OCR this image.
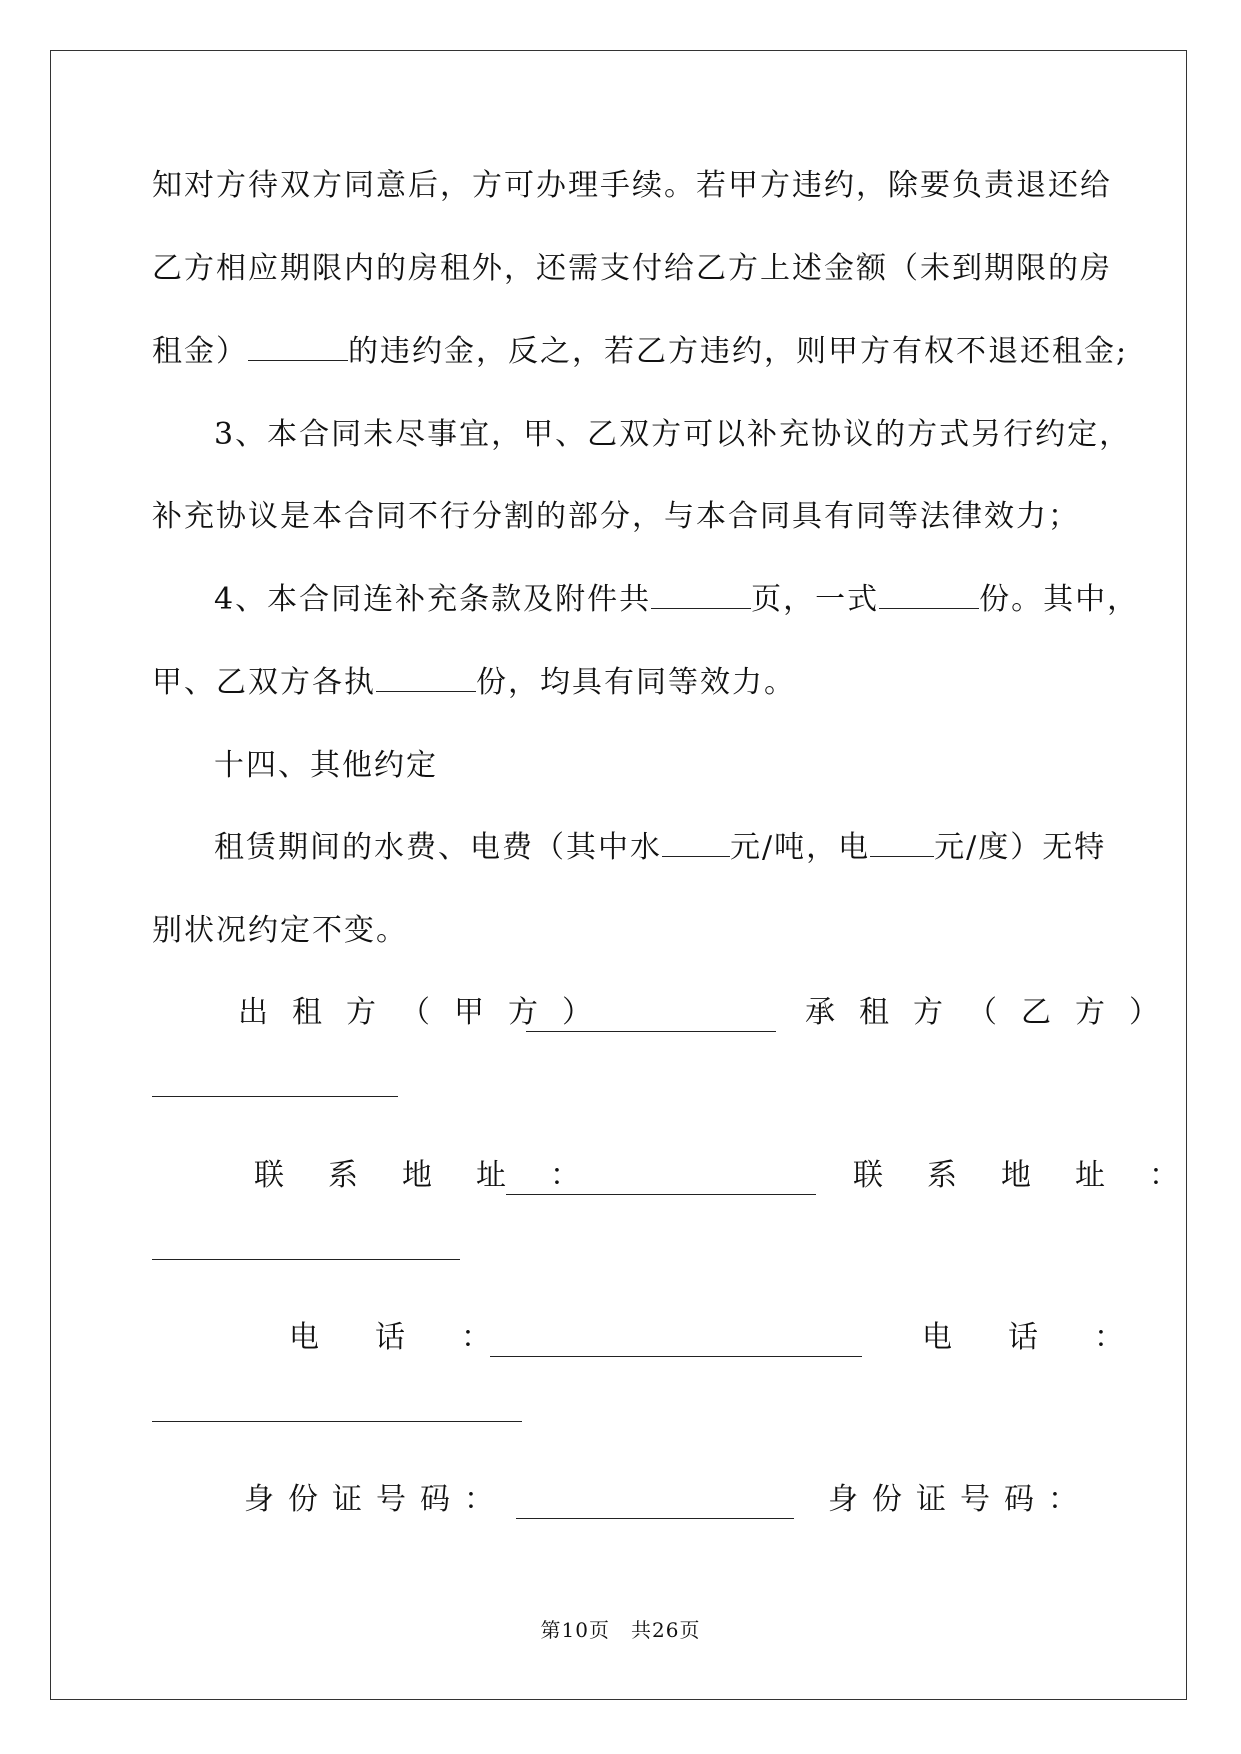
知对方待双方同意后，方可办理手续。若甲方违约，除要负责退还给
乙方相应期限内的房租外，还需支付给乙方上述金额（未到期限的房
租金）	的违约金，反之，若乙方违约，则甲方有权不退还租金;
3、本合同未尽事宜，甲、乙双方可以补充协议的方式另行约定，
补充协议是本合同不行分割的部分，与本合同具有同等法律效力；
4、本合同连补充条款及附件共	页，一式	份。其中，
甲、乙双方各执	份，均具有同等效力。
十四、其他约定
租赁期间的水费、电费（其中水 元/吨，电 元/度）无特
别状况约定不变。
出租方（甲方）	承租方（乙方）
联系地址：	联系地址：
电话：	电话：
身份证号码：	身份证号码：
第10页　共26页
